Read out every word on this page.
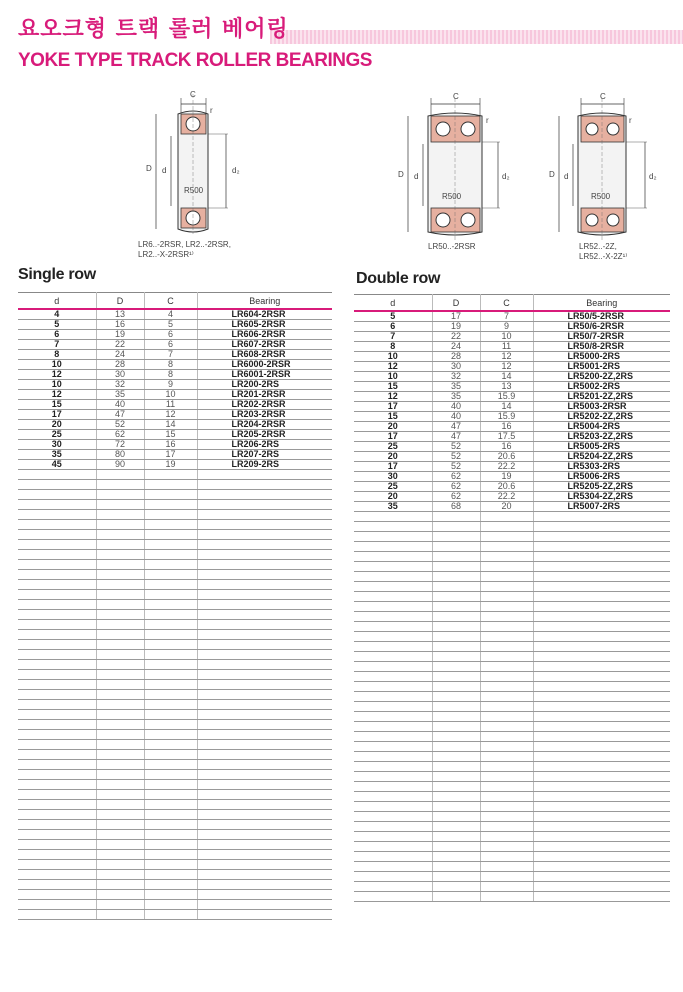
요오크형 트랙 롤러 베어링
YOKE TYPE TRACK ROLLER BEARINGS
C
r
D d	d₂
R500
LR6..-2RSR, LR2..-2RSR,
LR2..-X-2RSR¹⁾
C
r
D d	d₂
R500
LR50..-2RSR
C
r
D d	d₂
R500
LR52..-2Z,
LR52..-X-2Z¹⁾
Single row	Double row
d	D	C	Bearing
4	13	4	LR604-2RSR
5	16	5	LR605-2RSR
6	19	6	LR606-2RSR
7	22	6	LR607-2RSR
8	24	7	LR608-2RSR
10	28	8	LR6000-2RSR
12	30	8	LR6001-2RSR
10	32	9	LR200-2RS
12	35	10	LR201-2RSR
15	40	11	LR202-2RSR
17	47	12	LR203-2RSR
20	52	14	LR204-2RSR
25	62	15	LR205-2RSR
30	72	16	LR206-2RS
35	80	17	LR207-2RS
45	90	19	LR209-2RS

d	D	C	Bearing
5	17	7	LR50/5-2RSR
6	19	9	LR50/6-2RSR
7	22	10	LR50/7-2RSR
8	24	11	LR50/8-2RSR
10	28	12	LR5000-2RS
12	30	12	LR5001-2RS
10	32	14	LR5200-2Z,2RS
15	35	13	LR5002-2RS
12	35	15.9	LR5201-2Z,2RS
17	40	14	LR5003-2RSR
15	40	15.9	LR5202-2Z,2RS
20	47	16	LR5004-2RS
17	47	17.5	LR5203-2Z,2RS
25	52	16	LR5005-2RS
20	52	20.6	LR5204-2Z,2RS
17	52	22.2	LR5303-2RS
30	62	19	LR5006-2RS
25	62	20.6	LR5205-2Z,2RS
20	62	22.2	LR5304-2Z,2RS
35	68	20	LR5007-2RS
